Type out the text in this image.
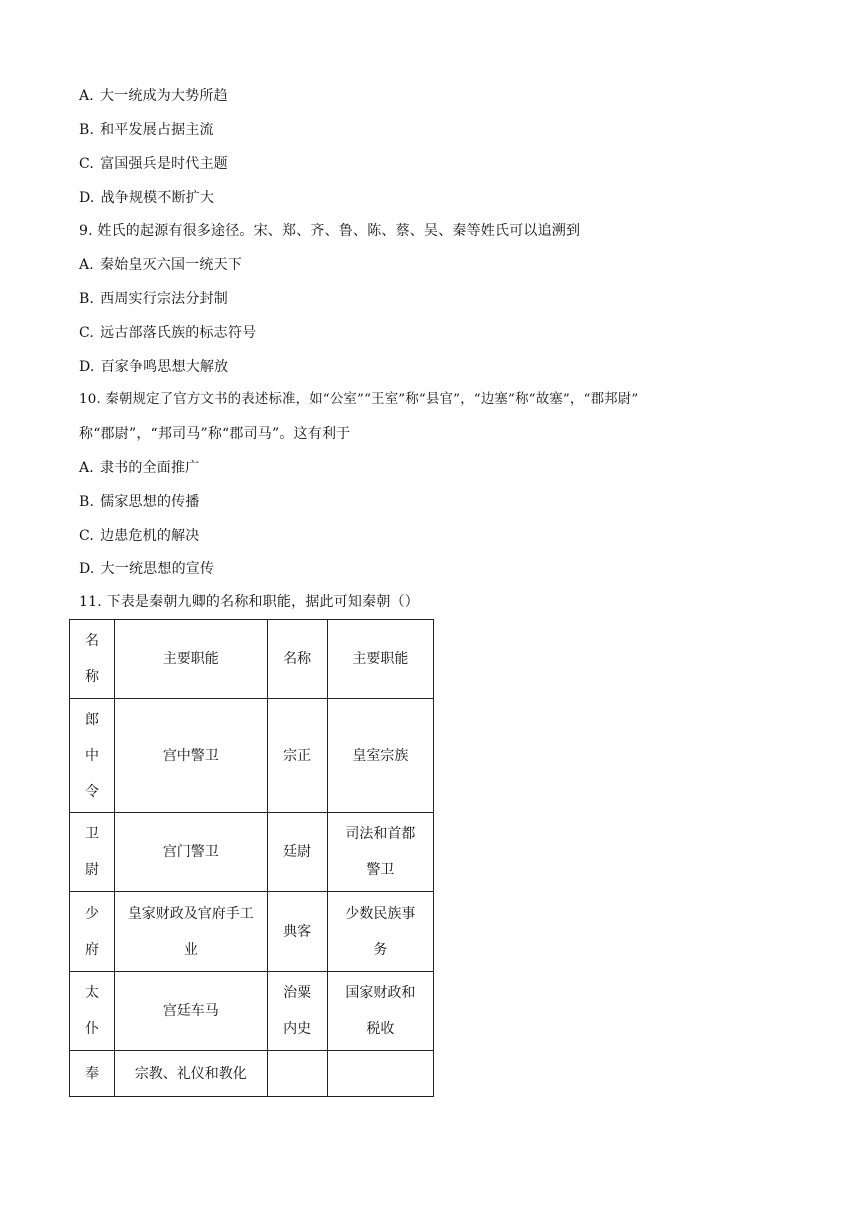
A. 大一统成为大势所趋
B. 和平发展占据主流
C. 富国强兵是时代主题
D. 战争规模不断扩大
9. 姓氏的起源有很多途径。宋、郑、齐、鲁、陈、蔡、吴、秦等姓氏可以追溯到
A. 秦始皇灭六国一统天下
B. 西周实行宗法分封制
C. 远古部落氏族的标志符号
D. 百家争鸣思想大解放
10. 秦朝规定了官方文书的表述标准，如“公室”“王室”称“县官”，“边塞”称“故塞”，“郡邦尉”
称“郡尉”，“邦司马”称“郡司马”。这有利于
A. 隶书的全面推广
B. 儒家思想的传播
C. 边患危机的解决
D. 大一统思想的宣传
11. 下表是秦朝九卿的名称和职能，据此可知秦朝（）
名称	主要职能	名称	主要职能
郎中令	宫中警卫	宗正	皇室宗族
卫尉	宫门警卫	廷尉	司法和首都警卫
少府	皇家财政及官府手工业	典客	少数民族事务
太仆	宫廷车马	治粟内史	国家财政和税收
奉	宗教、礼仪和教化		
